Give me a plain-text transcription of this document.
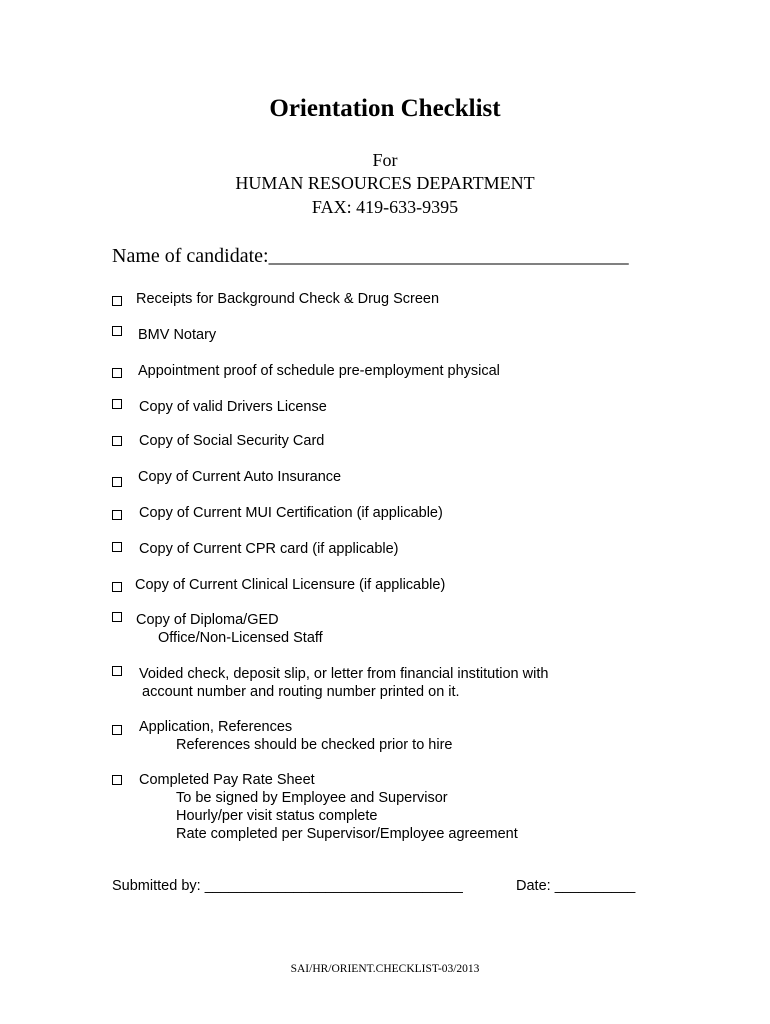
Orientation Checklist
For
HUMAN RESOURCES DEPARTMENT
FAX: 419-633-9395
Name of candidate:____________________________________
Receipts for Background Check & Drug Screen
BMV Notary
Appointment proof of schedule pre-employment physical
Copy of valid Drivers License
Copy of Social Security Card
Copy of Current Auto Insurance
Copy of Current MUI Certification (if applicable)
Copy of Current CPR card (if applicable)
Copy of Current Clinical Licensure (if applicable)
Copy of Diploma/GED
Office/Non-Licensed Staff
Voided check, deposit slip, or letter from financial institution with
account number and routing number printed on it.
Application, References
References should be checked prior to hire
Completed Pay Rate Sheet
To be signed by Employee and Supervisor
Hourly/per visit status complete
Rate completed per Supervisor/Employee agreement
Submitted by: ________________________________	Date: __________
SAI/HR/ORIENT.CHECKLIST-03/2013
